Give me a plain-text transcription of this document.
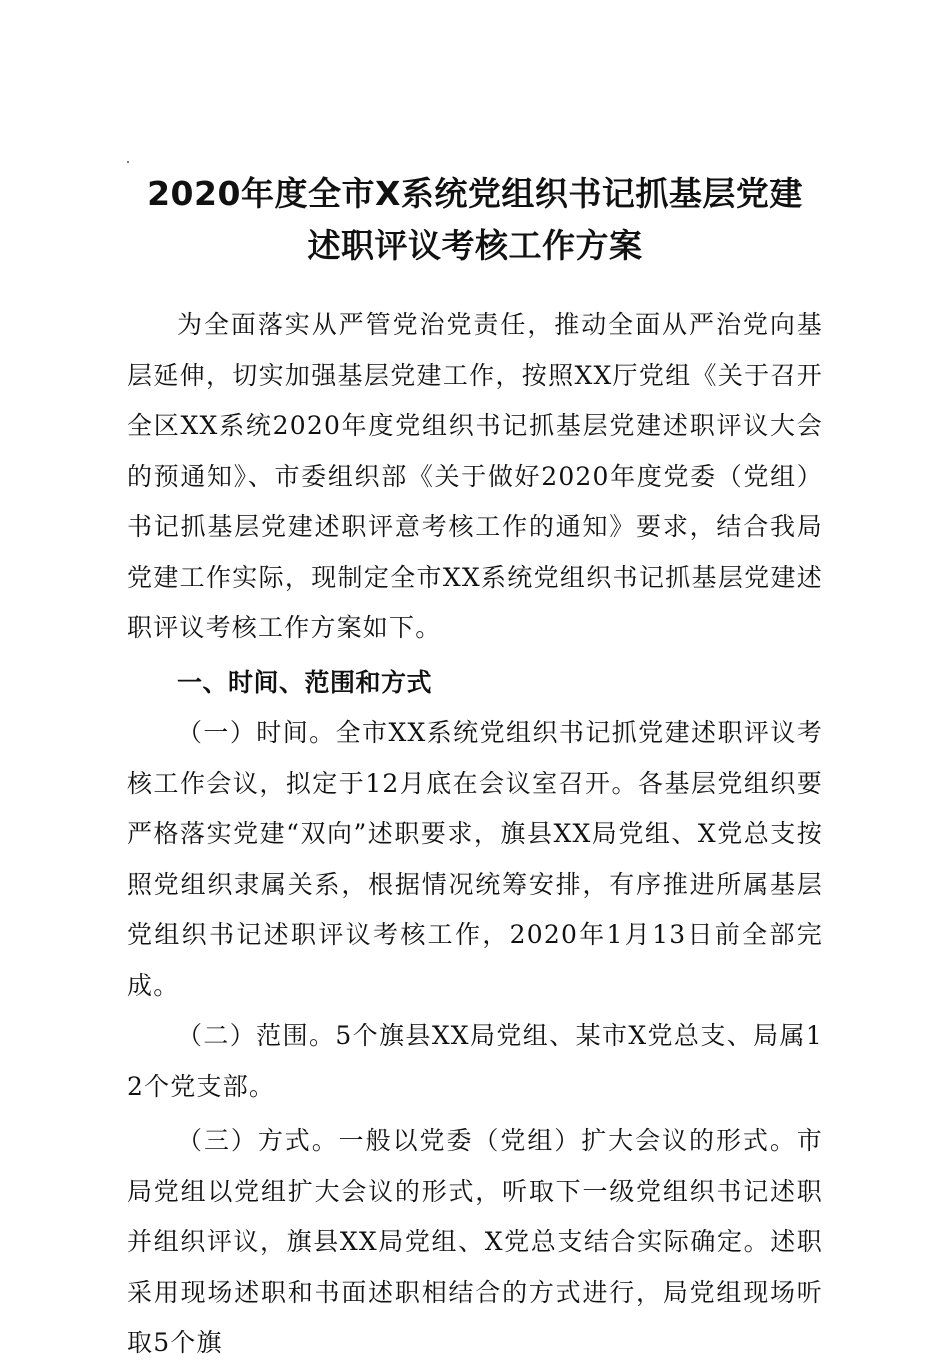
2020年度全市X系统党组织书记抓基层党建
述职评议考核工作方案

为全面落实从严管党治党责任，推动全面从严治党向基层延伸，切实加强基层党建工作，按照XX厅党组《关于召开全区XX系统2020年度党组织书记抓基层党建述职评议大会的预通知》、市委组织部《关于做好2020年度党委（党组）书记抓基层党建述职评意考核工作的通知》要求，结合我局党建工作实际，现制定全市XX系统党组织书记抓基层党建述职评议考核工作方案如下。

一、时间、范围和方式

（一）时间。全市XX系统党组织书记抓党建述职评议考核工作会议，拟定于12月底在会议室召开。各基层党组织要严格落实党建“双向”述职要求，旗县XX局党组、X党总支按照党组织隶属关系，根据情况统筹安排，有序推进所属基层党组织书记述职评议考核工作，2020年1月13日前全部完成。

（二）范围。5个旗县XX局党组、某市X党总支、局属12个党支部。

（三）方式。一般以党委（党组）扩大会议的形式。市局党组以党组扩大会议的形式，听取下一级党组织书记述职并组织评议，旗县XX局党组、X党总支结合实际确定。述职采用现场述职和书面述职相结合的方式进行，局党组现场听取5个旗
